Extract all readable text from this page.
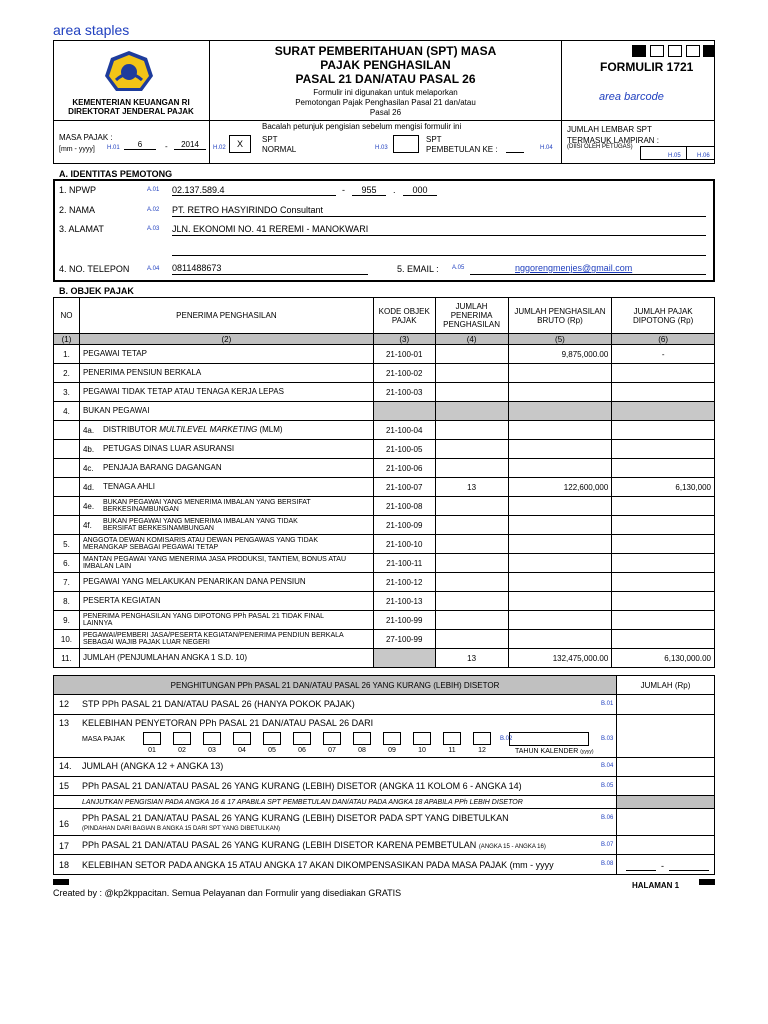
area staples
KEMENTERIAN KEUANGAN RI
DIREKTORAT JENDERAL PAJAK
SURAT PEMBERITAHUAN (SPT) MASA
PAJAK PENGHASILAN
PASAL 21 DAN/ATAU PASAL 26
Formulir ini digunakan untuk melaporkan
Pemotongan Pajak Penghasilan Pasal 21 dan/atau
Pasal 26
FORMULIR 1721
area barcode
Bacalah petunjuk pengisian sebelum mengisi formulir ini
MASA PAJAK :
[mm - yyyy] H.01	6	-	2014	H.02	X	SPT
NORMAL	H.03
SPT
PEMBETULAN KE :	H.04
JUMLAH LEMBAR SPT
TERMASUK LAMPIRAN :
(DIISI OLEH PETUGAS)
H.05	H.06
A. IDENTITAS PEMOTONG
1. NPWP	A.01 02.137.589.4	-	955	.	000
2. NAMA	A.02 PT. RETRO HASYIRINDO Consultant
3. ALAMAT	A.03 JLN. EKONOMI NO. 41 REREMI - MANOKWARI
4. NO. TELEPON	A.04 0811488673	5. EMAIL : A.05	nggorengmenjes@gmail.com
B. OBJEK PAJAK
NO	PENERIMA PENGHASILAN	KODE OBJEK PAJAK	JUMLAH PENERIMA PENGHASILAN	JUMLAH PENGHASILAN BRUTO (Rp)	JUMLAH PAJAK DIPOTONG (Rp)
(1)	(2)	(3)	(4)	(5)	(6)
1.	PEGAWAI TETAP	21-100-01		9,875,000.00	-
2.	PENERIMA PENSIUN BERKALA	21-100-02			
3.	PEGAWAI TIDAK TETAP ATAU TENAGA KERJA LEPAS	21-100-03			
4.	BUKAN PEGAWAI				
	4a. DISTRIBUTOR MULTILEVEL MARKETING (MLM)	21-100-04			
	4b. PETUGAS DINAS LUAR ASURANSI	21-100-05			
	4c. PENJAJA BARANG DAGANGAN	21-100-06			
	4d. TENAGA AHLI	21-100-07	13	122,600,000	6,130,000
	4e. BUKAN PEGAWAI YANG MENERIMA IMBALAN YANG BERSIFAT BERKESINAMBUNGAN	21-100-08			
	4f. BUKAN PEGAWAI YANG MENERIMA IMBALAN YANG TIDAK BERSIFAT BERKESINAMBUNGAN	21-100-09			
5.	ANGGOTA DEWAN KOMISARIS ATAU DEWAN PENGAWAS YANG TIDAK MERANGKAP SEBAGAI PEGAWAI TETAP	21-100-10			
6.	MANTAN PEGAWAI YANG MENERIMA JASA PRODUKSI, TANTIEM, BONUS ATAU IMBALAN LAIN	21-100-11			
7.	PEGAWAI YANG MELAKUKAN PENARIKAN DANA PENSIUN	21-100-12			
8.	PESERTA KEGIATAN	21-100-13			
9.	PENERIMA PENGHASILAN YANG DIPOTONG PPh PASAL 21 TIDAK FINAL LAINNYA	21-100-99			
10.	PEGAWAI/PEMBERI JASA/PESERTA KEGIATAN/PENERIMA PENDIUN BERKALA SEBAGAI WAJIB PAJAK LUAR NEGERI	27-100-99			
11.	JUMLAH (PENJUMLAHAN ANGKA 1 S.D. 10)		13	132,475,000.00	6,130,000.00
PENGHITUNGAN PPh PASAL 21 DAN/ATAU PASAL 26 YANG KURANG (LEBIH) DISETOR	JUMLAH (Rp)
12 STP PPh PASAL 21 DAN/ATAU PASAL 26 (HANYA POKOK PAJAK)	B.01
13 KELEBIHAN PENYETORAN PPh PASAL 21 DAN/ATAU PASAL 26 DARI
MASA PAJAK
01	02	03	04	05	06	07	08	09	10	11	12
B.02	B.03
TAHUN KALENDER (yyyy)
14. JUMLAH (ANGKA 12 + ANGKA 13)	B.04
15 PPh PASAL 21 DAN/ATAU PASAL 26 YANG KURANG (LEBIH) DISETOR (ANGKA 11 KOLOM 6 - ANGKA 14)	B.05
LANJUTKAN PENGISIAN PADA ANGKA 16 & 17 APABILA SPT PEMBETULAN DAN/ATAU PADA ANGKA 18 APABILA PPh LEBIH DISETOR
16
PPh PASAL 21 DAN/ATAU PASAL 26 YANG KURANG (LEBIH) DISETOR PADA SPT YANG DIBETULKAN
(PINDAHAN DARI BAGIAN B ANGKA 15 DARI SPT YANG DIBETULKAN)
B.06
17 PPh PASAL 21 DAN/ATAU PASAL 26 YANG KURANG (LEBIH DISETOR KARENA PEMBETULAN (ANGKA 15 - ANGKA 16)	B.07
18 KELEBIHAN SETOR PADA ANGKA 15 ATAU ANGKA 17 AKAN DIKOMPENSASIKAN PADA MASA PAJAK (mm - yyyy	B.08	-
HALAMAN 1
Created by : @kp2kppacitan. Semua Pelayanan dan Formulir yang disediakan GRATIS
